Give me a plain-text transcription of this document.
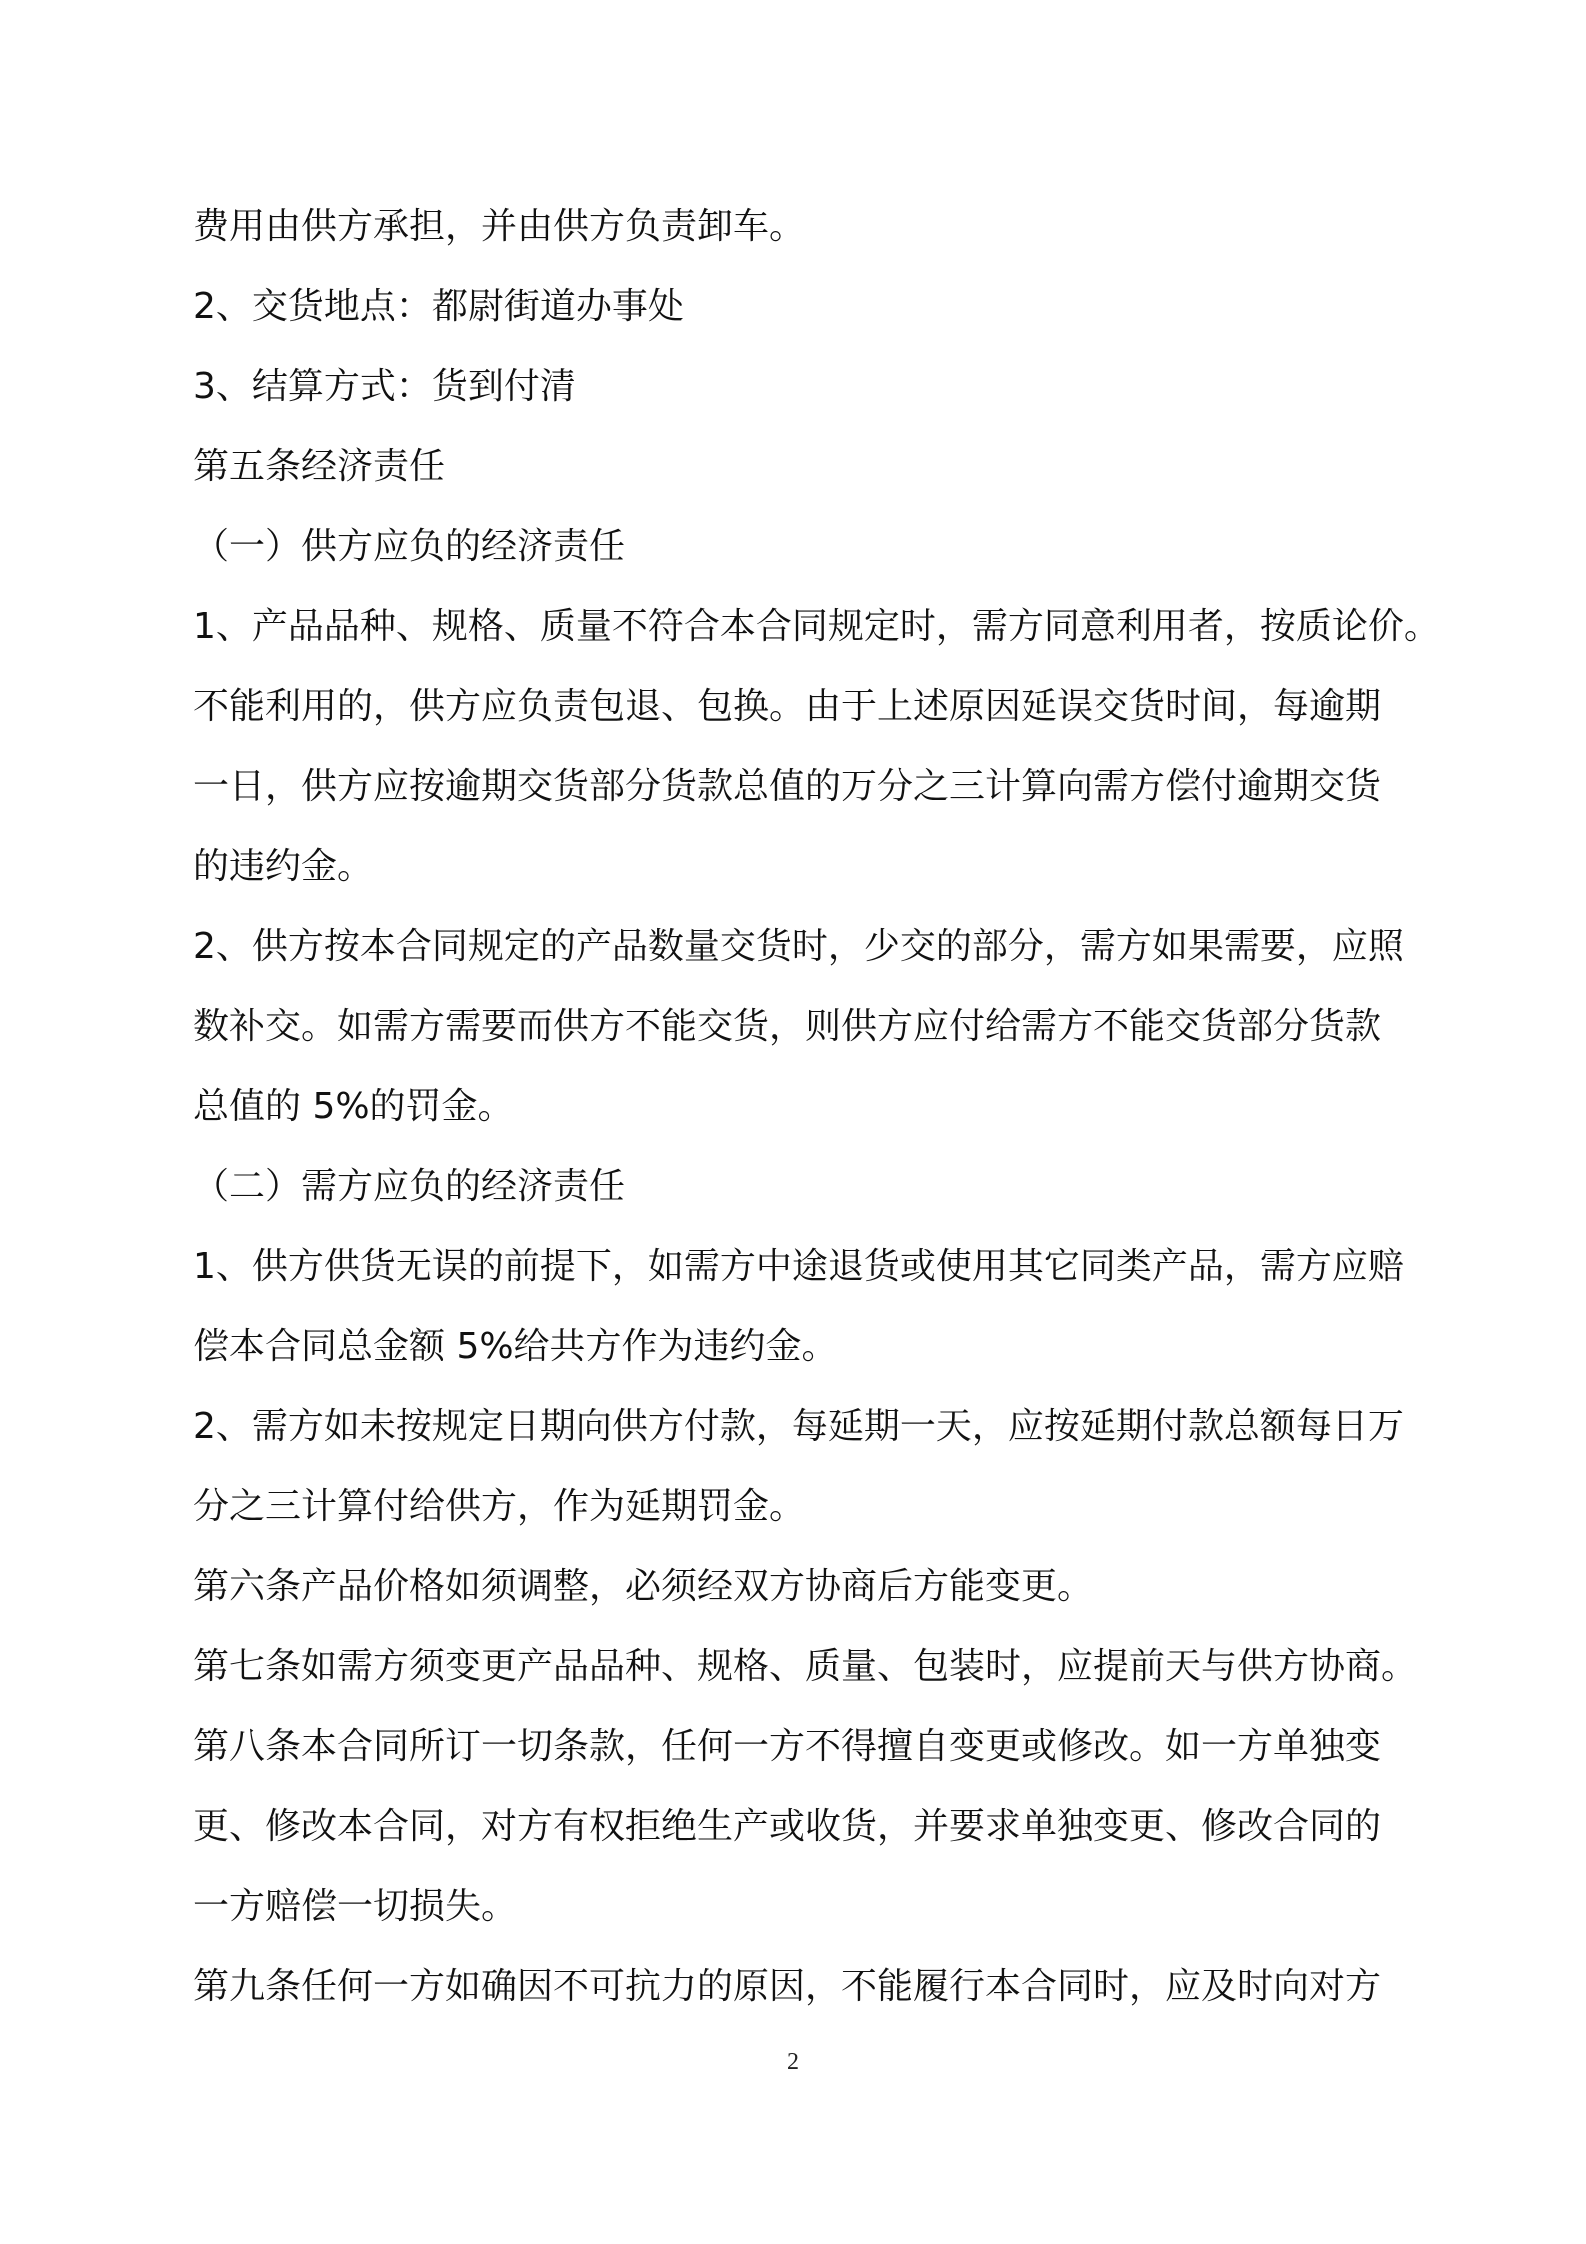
费用由供方承担，并由供方负责卸车。
2、交货地点：都尉街道办事处
3、结算方式：货到付清
第五条经济责任
（一）供方应负的经济责任
1、产品品种、规格、质量不符合本合同规定时，需方同意利用者，按质论价。
不能利用的，供方应负责包退、包换。由于上述原因延误交货时间，每逾期
一日，供方应按逾期交货部分货款总值的万分之三计算向需方偿付逾期交货
的违约金。
2、供方按本合同规定的产品数量交货时，少交的部分，需方如果需要，应照
数补交。如需方需要而供方不能交货，则供方应付给需方不能交货部分货款
总值的 5%的罚金。
（二）需方应负的经济责任
1、供方供货无误的前提下，如需方中途退货或使用其它同类产品，需方应赔
偿本合同总金额 5%给共方作为违约金。
2、需方如未按规定日期向供方付款，每延期一天，应按延期付款总额每日万
分之三计算付给供方，作为延期罚金。
第六条产品价格如须调整，必须经双方协商后方能变更。
第七条如需方须变更产品品种、规格、质量、包装时，应提前天与供方协商。
第八条本合同所订一切条款，任何一方不得擅自变更或修改。如一方单独变
更、修改本合同，对方有权拒绝生产或收货，并要求单独变更、修改合同的
一方赔偿一切损失。
第九条任何一方如确因不可抗力的原因，不能履行本合同时，应及时向对方
2
